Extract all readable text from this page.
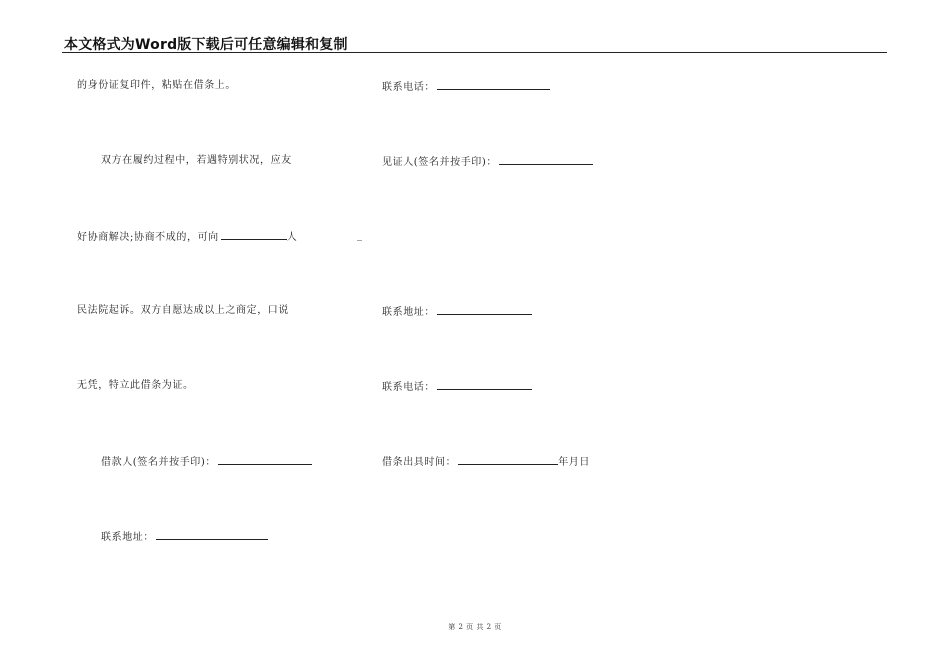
本文格式为Word版下载后可任意编辑和复制
的身份证复印件，粘贴在借条上。
双方在履约过程中，若遇特别状况，应友
好协商解决;协商不成的，可向	人
民法院起诉。双方自愿达成以上之商定，口说
无凭，特立此借条为证。
借款人(签名并按手印)：
联系地址：
联系电话：
见证人(签名并按手印)：
_
联系地址：
联系电话：
借条出具时间：	年月日
第 2 页 共 2 页
